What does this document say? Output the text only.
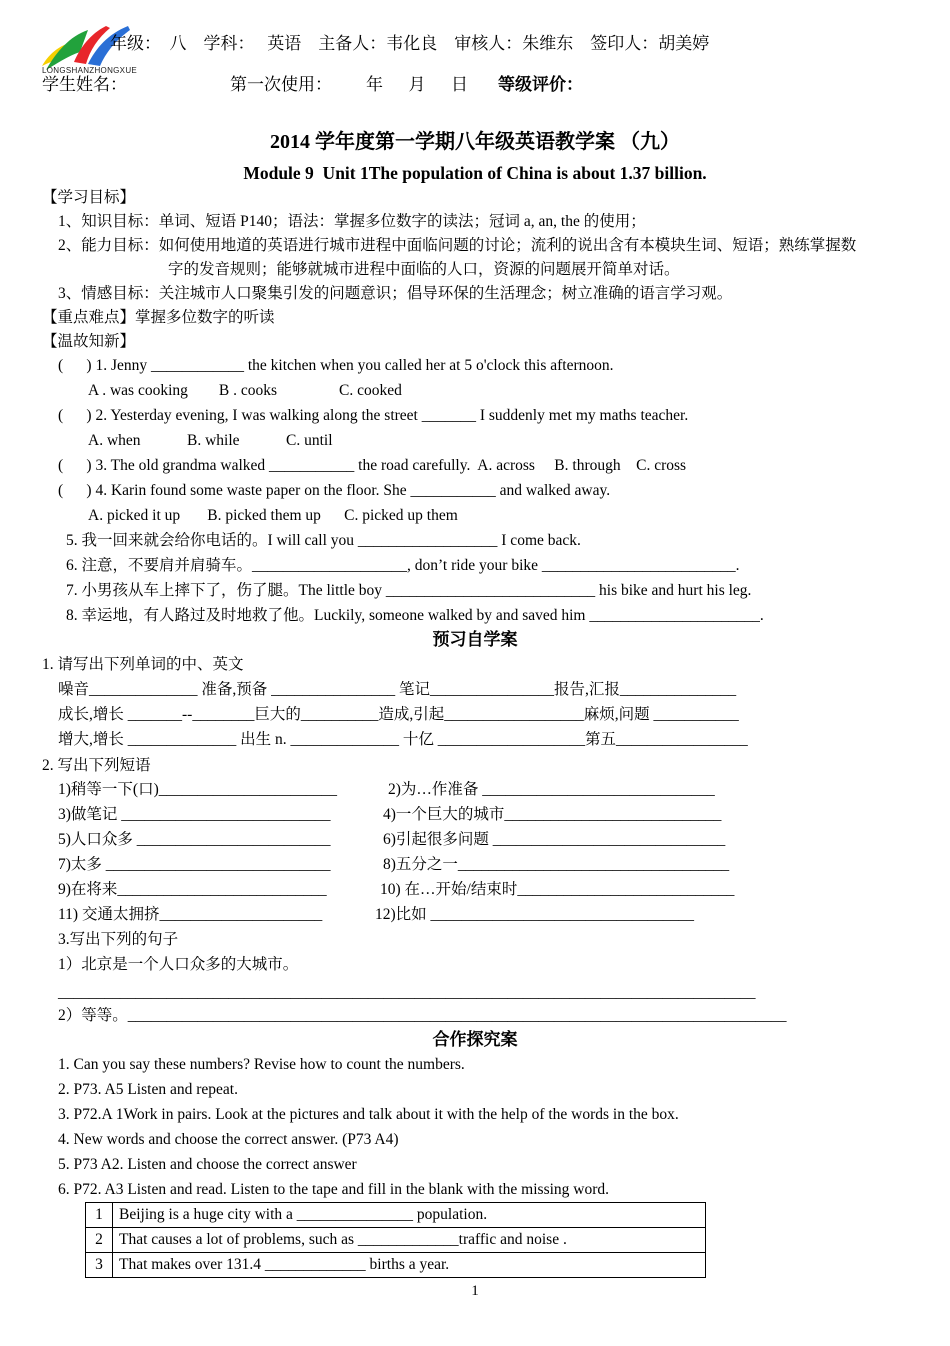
LONGSHANZHONGXUE
年级：  八    学科：   英语    主备人：韦化良    审核人：朱维东    签印人：胡美婷
学生姓名：	第一次使用：        年      月      日 等级评价：
2014 学年度第一学期八年级英语教学案 （九）
Module 9  Unit 1The population of China is about 1.37 billion.
【学习目标】
1、知识目标：单词、短语 P140；语法：掌握多位数字的读法；冠词 a, an, the 的使用；
2、能力目标：如何使用地道的英语进行城市进程中面临问题的讨论；流利的说出含有本模块生词、短语；熟练掌握数
字的发音规则；能够就城市进程中面临的人口，资源的问题展开简单对话。
3、情感目标：关注城市人口聚集引发的问题意识；倡导环保的生活理念；树立准确的语言学习观。
【重点难点】掌握多位数字的听读
【温故知新】
(      ) 1. Jenny ____________ the kitchen when you called her at 5 o'clock this afternoon.
A . was cooking        B . cooks                C. cooked
(      ) 2. Yesterday evening, I was walking along the street _______ I suddenly met my maths teacher.
A. when            B. while            C. until
(      ) 3. The old grandma walked ___________ the road carefully.  A. across     B. through    C. cross
(      ) 4. Karin found some waste paper on the floor. She ___________ and walked away.
A. picked it up       B. picked them up      C. picked up them
5. 我一回来就会给你电话的。I will call you __________________ I come back.
6. 注意，不要肩并肩骑车。____________________, don’t ride your bike _________________________.
7. 小男孩从车上摔下了，伤了腿。The little boy ___________________________ his bike and hurt his leg.
8. 幸运地，有人路过及时地救了他。Luckily, someone walked by and saved him ______________________.
预习自学案
1. 请写出下列单词的中、英文
噪音______________ 准备,预备 ________________ 笔记________________报告,汇报_______________
成长,增长 _______--________巨大的__________造成,引起__________________麻烦,问题 ___________
增大,增长 ______________ 出生 n. ______________ 十亿 ___________________第五_________________
2. 写出下列短语
1)稍等一下(口)_______________________	2)为…作准备 ______________________________
3)做笔记 ___________________________	4)一个巨大的城市____________________________
5)人口众多 _________________________	6)引起很多问题 ______________________________
7)太多 _____________________________	8)五分之一___________________________________
9)在将来___________________________	10) 在…开始/结束时____________________________
11) 交通太拥挤_____________________	12)比如 __________________________________
3.写出下列的句子
1）北京是一个人口众多的大城市。
__________________________________________________________________________________________
2）等等。_____________________________________________________________________________________
合作探究案
1. Can you say these numbers? Revise how to count the numbers.
2. P73. A5 Listen and repeat.
3. P72.A 1Work in pairs. Look at the pictures and talk about it with the help of the words in the box.
4. New words and choose the correct answer. (P73 A4)
5. P73 A2. Listen and choose the correct answer
6. P72. A3 Listen and read. Listen to the tape and fill in the blank with the missing word.
1	Beijing is a huge city with a _______________ population.
2	That causes a lot of problems, such as _____________traffic and noise .
3	That makes over 131.4 _____________ births a year.
1
